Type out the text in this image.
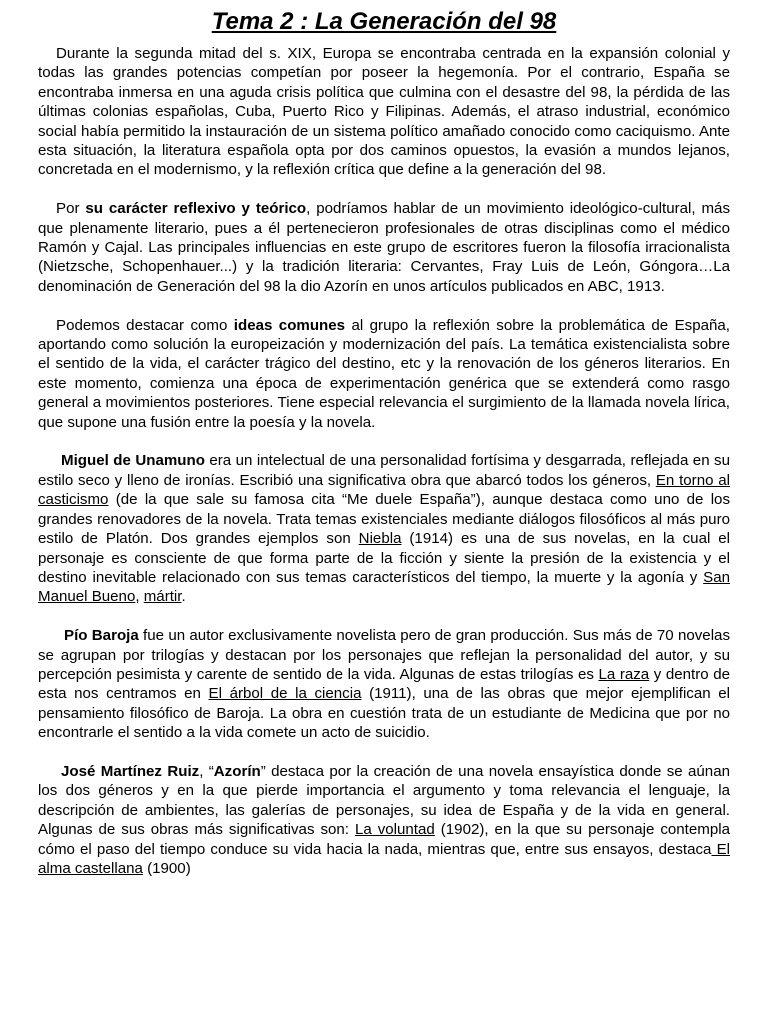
Tema 2 : La Generación del 98

Durante la segunda mitad del s. XIX, Europa se encontraba centrada en la expansión colonial y todas las grandes potencias competían por poseer la hegemonía. Por el contrario, España se encontraba inmersa en una aguda crisis política que culmina con el desastre del 98, la pérdida de las últimas colonias españolas, Cuba, Puerto Rico y Filipinas. Además, el atraso industrial, económico social había permitido la instauración de un sistema político amañado conocido como caciquismo. Ante esta situación, la literatura española opta por dos caminos opuestos, la evasión a mundos lejanos, concretada en el modernismo, y la reflexión crítica que define a la generación del 98.

Por su carácter reflexivo y teórico, podríamos hablar de un movimiento ideológico-cultural, más que plenamente literario, pues a él pertenecieron profesionales de otras disciplinas como el médico Ramón y Cajal. Las principales influencias en este grupo de escritores fueron la filosofía irracionalista (Nietzsche, Schopenhauer...) y la tradición literaria: Cervantes, Fray Luis de León, Góngora…La denominación de Generación del 98 la dio Azorín en unos artículos publicados en ABC, 1913.

Podemos destacar como ideas comunes al grupo la reflexión sobre la problemática de España, aportando como solución la europeización y modernización del país. La temática existencialista sobre el sentido de la vida, el carácter trágico del destino, etc y la renovación de los géneros literarios. En este momento, comienza una época de experimentación genérica que se extenderá como rasgo general a movimientos posteriores. Tiene especial relevancia el surgimiento de la llamada novela lírica, que supone una fusión entre la poesía y la novela.

Miguel de Unamuno era un intelectual de una personalidad fortísima y desgarrada, reflejada en su estilo seco y lleno de ironías. Escribió una significativa obra que abarcó todos los géneros, En torno al casticismo (de la que sale su famosa cita “Me duele España”), aunque destaca como uno de los grandes renovadores de la novela. Trata temas existenciales mediante diálogos filosóficos al más puro estilo de Platón. Dos grandes ejemplos son Niebla (1914) es una de sus novelas, en la cual el personaje es consciente de que forma parte de la ficción y siente la presión de la existencia y el destino inevitable relacionado con sus temas característicos del tiempo, la muerte y la agonía y San Manuel Bueno, mártir.

Pío Baroja fue un autor exclusivamente novelista pero de gran producción. Sus más de 70 novelas se agrupan por trilogías y destacan por los personajes que reflejan la personalidad del autor, y su percepción pesimista y carente de sentido de la vida. Algunas de estas trilogías es La raza y dentro de esta nos centramos en El árbol de la ciencia (1911), una de las obras que mejor ejemplifican el pensamiento filosófico de Baroja. La obra en cuestión trata de un estudiante de Medicina que por no encontrarle el sentido a la vida comete un acto de suicidio.

José Martínez Ruiz, “Azorín” destaca por la creación de una novela ensayística donde se aúnan los dos géneros y en la que pierde importancia el argumento y toma relevancia el lenguaje, la descripción de ambientes, las galerías de personajes, su idea de España y de la vida en general. Algunas de sus obras más significativas son: La voluntad (1902), en la que su personaje contempla cómo el paso del tiempo conduce su vida hacia la nada, mientras que, entre sus ensayos, destaca El alma castellana (1900)
